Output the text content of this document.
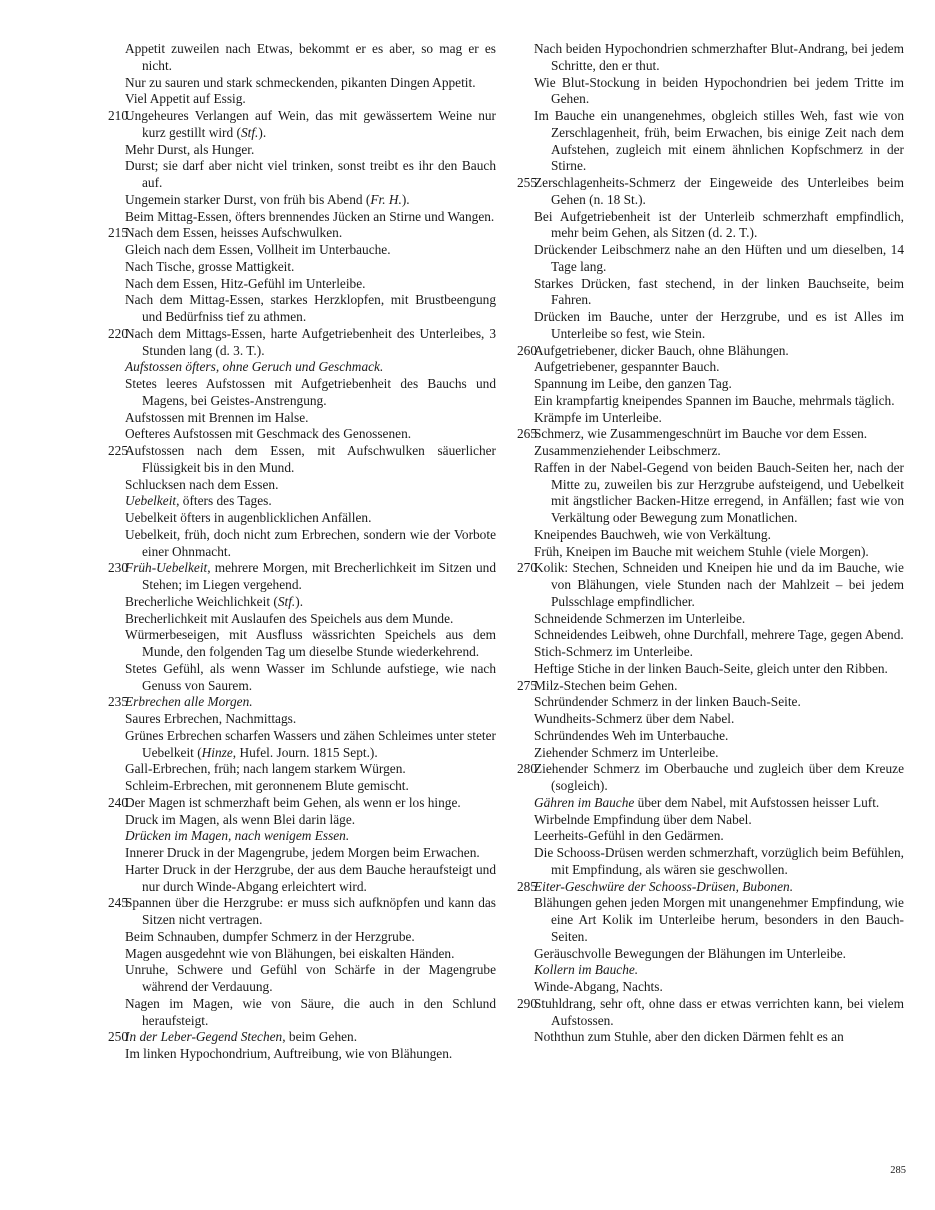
Appetit zuweilen nach Etwas, bekommt er es aber, so mag er es nicht.
Nur zu sauren und stark schmeckenden, pikanten Dingen Appetit.
Viel Appetit auf Essig.
210
Ungeheures Verlangen auf Wein, das mit gewässertem Weine nur kurz gestillt wird (Stf.).
Mehr Durst, als Hunger.
Durst; sie darf aber nicht viel trinken, sonst treibt es ihr den Bauch auf.
Ungemein starker Durst, von früh bis Abend (Fr. H.).
Beim Mittag-Essen, öfters brennendes Jücken an Stirne und Wangen.
215
Nach dem Essen, heisses Aufschwulken.
Gleich nach dem Essen, Vollheit im Unterbauche.
Nach Tische, grosse Mattigkeit.
Nach dem Essen, Hitz-Gefühl im Unterleibe.
Nach dem Mittag-Essen, starkes Herzklopfen, mit Brustbeengung und Bedürfniss tief zu athmen.
220
Nach dem Mittags-Essen, harte Aufgetriebenheit des Unterleibes, 3 Stunden lang (d. 3. T.).
Aufstossen öfters, ohne Geruch und Geschmack.
Stetes leeres Aufstossen mit Aufgetriebenheit des Bauchs und Magens, bei Geistes-Anstrengung.
Aufstossen mit Brennen im Halse.
Oefteres Aufstossen mit Geschmack des Genossenen.
225
Aufstossen nach dem Essen, mit Aufschwulken säuerlicher Flüssigkeit bis in den Mund.
Schlucksen nach dem Essen.
Uebelkeit, öfters des Tages.
Uebelkeit öfters in augenblicklichen Anfällen.
Uebelkeit, früh, doch nicht zum Erbrechen, sondern wie der Vorbote einer Ohnmacht.
230
Früh-Uebelkeit, mehrere Morgen, mit Brecherlichkeit im Sitzen und Stehen; im Liegen vergehend.
Brecherliche Weichlichkeit (Stf.).
Brecherlichkeit mit Auslaufen des Speichels aus dem Munde.
Würmerbeseigen, mit Ausfluss wässrichten Speichels aus dem Munde, den folgenden Tag um dieselbe Stunde wiederkehrend.
Stetes Gefühl, als wenn Wasser im Schlunde aufstiege, wie nach Genuss von Saurem.
235
Erbrechen alle Morgen.
Saures Erbrechen, Nachmittags.
Grünes Erbrechen scharfen Wassers und zähen Schleimes unter steter Uebelkeit (Hinze, Hufel. Journ. 1815 Sept.).
Gall-Erbrechen, früh; nach langem starkem Würgen.
Schleim-Erbrechen, mit geronnenem Blute gemischt.
240
Der Magen ist schmerzhaft beim Gehen, als wenn er los hinge.
Druck im Magen, als wenn Blei darin läge.
Drücken im Magen, nach wenigem Essen.
Innerer Druck in der Magengrube, jedem Morgen beim Erwachen.
Harter Druck in der Herzgrube, der aus dem Bauche heraufsteigt und nur durch Winde-Abgang erleichtert wird.
245
Spannen über die Herzgrube: er muss sich aufknöpfen und kann das Sitzen nicht vertragen.
Beim Schnauben, dumpfer Schmerz in der Herzgrube.
Magen ausgedehnt wie von Blähungen, bei eiskalten Händen.
Unruhe, Schwere und Gefühl von Schärfe in der Magengrube während der Verdauung.
Nagen im Magen, wie von Säure, die auch in den Schlund heraufsteigt.
250
In der Leber-Gegend Stechen, beim Gehen.
Im linken Hypochondrium, Auftreibung, wie von Blähungen.
Nach beiden Hypochondrien schmerzhafter Blut-Andrang, bei jedem Schritte, den er thut.
Wie Blut-Stockung in beiden Hypochondrien bei jedem Tritte im Gehen.
Im Bauche ein unangenehmes, obgleich stilles Weh, fast wie von Zerschlagenheit, früh, beim Erwachen, bis einige Zeit nach dem Aufstehen, zugleich mit einem ähnlichen Kopfschmerz in der Stirne.
255
Zerschlagenheits-Schmerz der Eingeweide des Unterleibes beim Gehen (n. 18 St.).
Bei Aufgetriebenheit ist der Unterleib schmerzhaft empfindlich, mehr beim Gehen, als Sitzen (d. 2. T.).
Drückender Leibschmerz nahe an den Hüften und um dieselben, 14 Tage lang.
Starkes Drücken, fast stechend, in der linken Bauchseite, beim Fahren.
Drücken im Bauche, unter der Herzgrube, und es ist Alles im Unterleibe so fest, wie Stein.
260
Aufgetriebener, dicker Bauch, ohne Blähungen.
Aufgetriebener, gespannter Bauch.
Spannung im Leibe, den ganzen Tag.
Ein krampfartig kneipendes Spannen im Bauche, mehrmals täglich.
Krämpfe im Unterleibe.
265
Schmerz, wie Zusammengeschnürt im Bauche vor dem Essen.
Zusammenziehender Leibschmerz.
Raffen in der Nabel-Gegend von beiden Bauch-Seiten her, nach der Mitte zu, zuweilen bis zur Herzgrube aufsteigend, und Uebelkeit mit ängstlicher Backen-Hitze erregend, in Anfällen; fast wie von Verkältung oder Bewegung zum Monatlichen.
Kneipendes Bauchweh, wie von Verkältung.
Früh, Kneipen im Bauche mit weichem Stuhle (viele Morgen).
270
Kolik: Stechen, Schneiden und Kneipen hie und da im Bauche, wie von Blähungen, viele Stunden nach der Mahlzeit – bei jedem Pulsschlage empfindlicher.
Schneidende Schmerzen im Unterleibe.
Schneidendes Leibweh, ohne Durchfall, mehrere Tage, gegen Abend.
Stich-Schmerz im Unterleibe.
Heftige Stiche in der linken Bauch-Seite, gleich unter den Ribben.
275
Milz-Stechen beim Gehen.
Schründender Schmerz in der linken Bauch-Seite.
Wundheits-Schmerz über dem Nabel.
Schründendes Weh im Unterbauche.
Ziehender Schmerz im Unterleibe.
280
Ziehender Schmerz im Oberbauche und zugleich über dem Kreuze (sogleich).
Gähren im Bauche über dem Nabel, mit Aufstossen heisser Luft.
Wirbelnde Empfindung über dem Nabel.
Leerheits-Gefühl in den Gedärmen.
Die Schooss-Drüsen werden schmerzhaft, vorzüglich beim Befühlen, mit Empfindung, als wären sie geschwollen.
285
Eiter-Geschwüre der Schooss-Drüsen, Bubonen.
Blähungen gehen jeden Morgen mit unangenehmer Empfindung, wie eine Art Kolik im Unterleibe herum, besonders in den Bauch-Seiten.
Geräuschvolle Bewegungen der Blähungen im Unterleibe.
Kollern im Bauche.
Winde-Abgang, Nachts.
290
Stuhldrang, sehr oft, ohne dass er etwas verrichten kann, bei vielem Aufstossen.
Noththun zum Stuhle, aber den dicken Därmen fehlt es an
285
